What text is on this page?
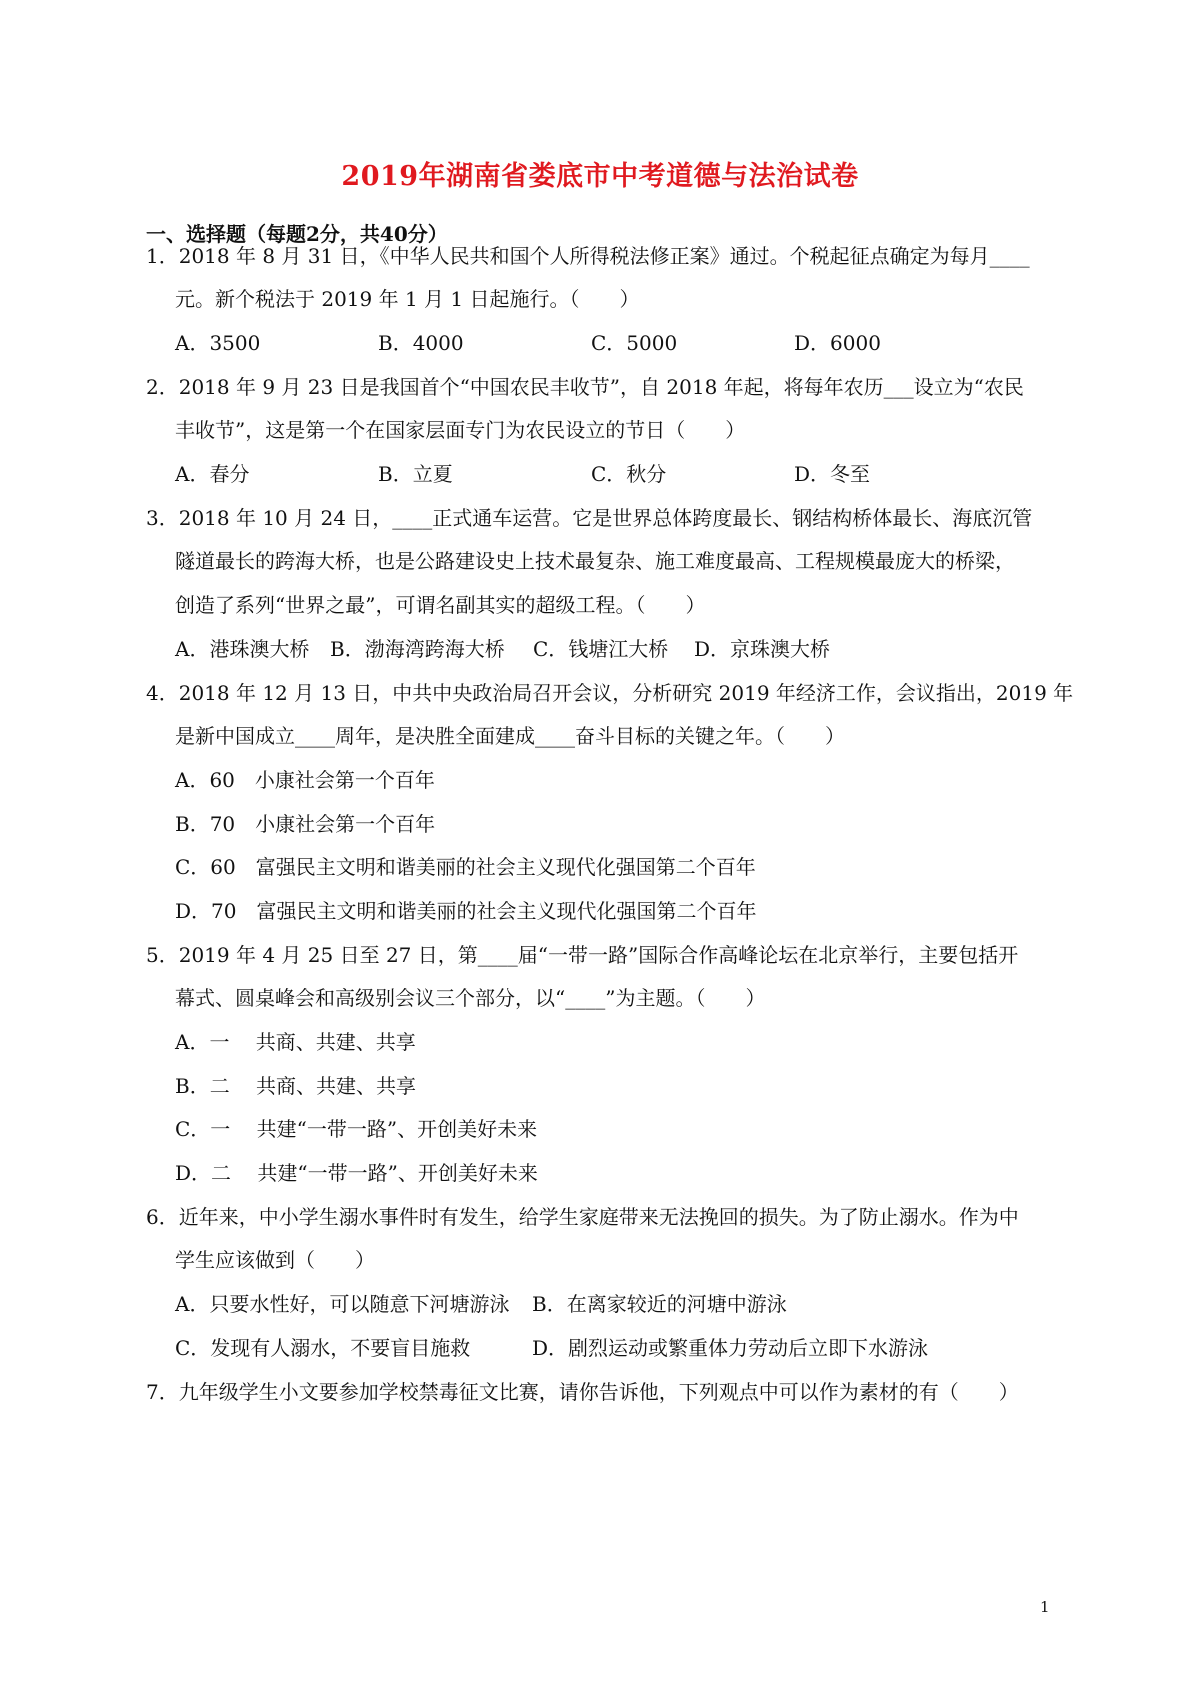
2019年湖南省娄底市中考道德与法治试卷
一、选择题（每题2分，共40分）
1．2018 年 8 月 31 日，《中华人民共和国个人所得税法修正案》通过。个税起征点确定为每月____
元。新个税法于 2019 年 1 月 1 日起施行。（　　）
A．3500	B．4000	C．5000	D．6000
2．2018 年 9 月 23 日是我国首个“中国农民丰收节”，自 2018 年起，将每年农历___设立为“农民
丰收节”，这是第一个在国家层面专门为农民设立的节日（　　）
A．春分	B．立夏	C．秋分	D．冬至
3．2018 年 10 月 24 日，____正式通车运营。它是世界总体跨度最长、钢结构桥体最长、海底沉管
隧道最长的跨海大桥，也是公路建设史上技术最复杂、施工难度最高、工程规模最庞大的桥梁，
创造了系列“世界之最”，可谓名副其实的超级工程。（　　）
A．港珠澳大桥 B．渤海湾跨海大桥 C．钱塘江大桥 D．京珠澳大桥
4．2018 年 12 月 13 日，中共中央政治局召开会议，分析研究 2019 年经济工作，会议指出，2019 年
是新中国成立____周年，是决胜全面建成____奋斗目标的关键之年。（　　）
A．60　小康社会第一个百年
B．70　小康社会第一个百年
C．60　富强民主文明和谐美丽的社会主义现代化强国第二个百年
D．70　富强民主文明和谐美丽的社会主义现代化强国第二个百年
5．2019 年 4 月 25 日至 27 日，第____届“一带一路”国际合作高峰论坛在北京举行，主要包括开
幕式、圆桌峰会和高级别会议三个部分，以“____”为主题。（　　）
A．一　 共商、共建、共享
B．二　 共商、共建、共享
C．一　 共建“一带一路”、开创美好未来
D．二　 共建“一带一路”、开创美好未来
6．近年来，中小学生溺水事件时有发生，给学生家庭带来无法挽回的损失。为了防止溺水。作为中
学生应该做到（　　）
A．只要水性好，可以随意下河塘游泳 B．在离家较近的河塘中游泳
C．发现有人溺水，不要盲目施救	D．剧烈运动或繁重体力劳动后立即下水游泳
7．九年级学生小文要参加学校禁毒征文比赛，请你告诉他，下列观点中可以作为素材的有（　　）
1
